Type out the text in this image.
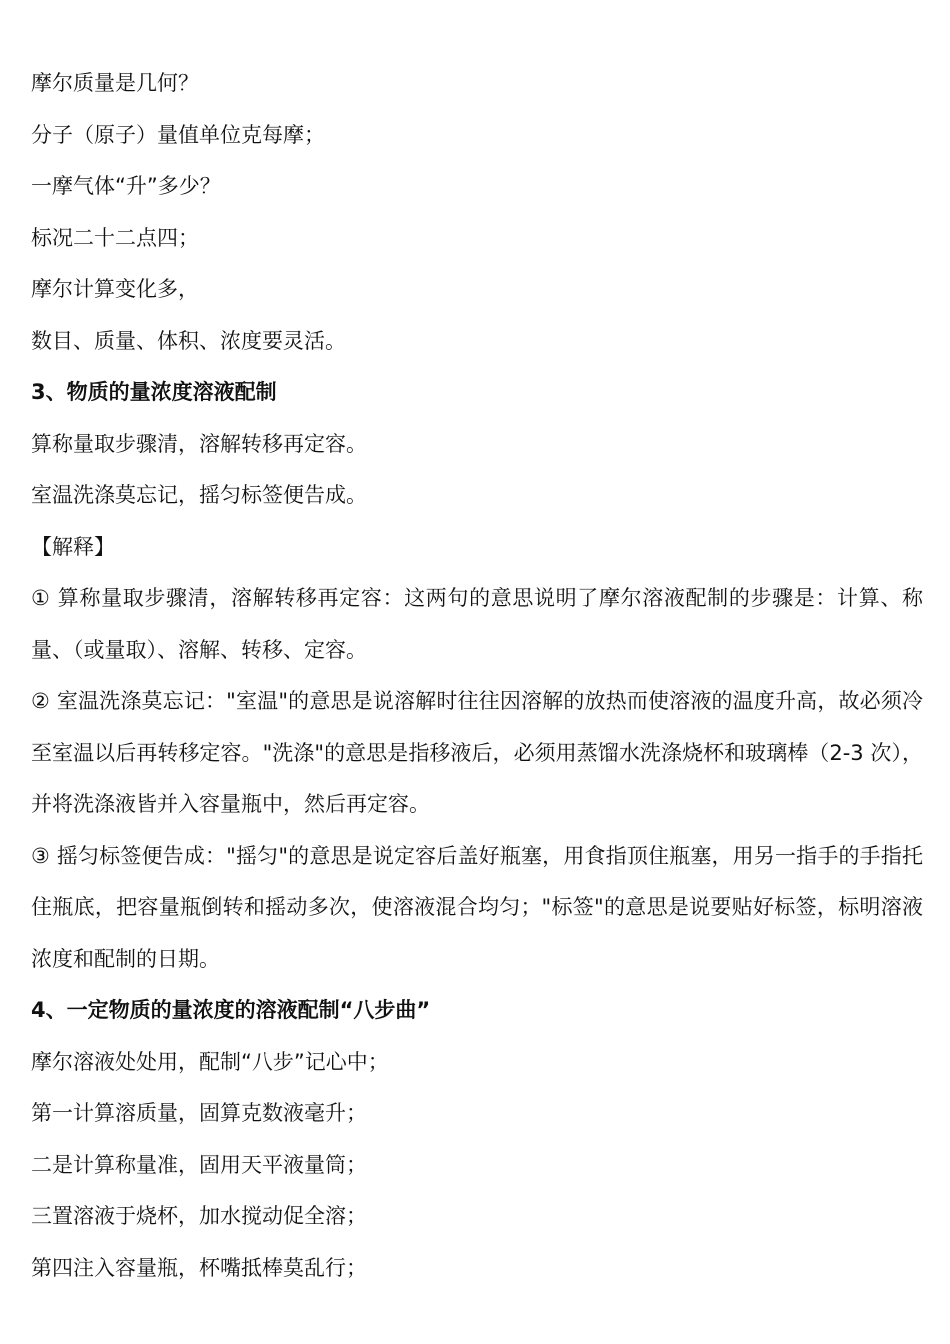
摩尔质量是几何？

分子（原子）量值单位克每摩；

一摩气体“升”多少？

标况二十二点四；

摩尔计算变化多，

数目、质量、体积、浓度要灵活。

3、物质的量浓度溶液配制

算称量取步骤清，溶解转移再定容。

室温洗涤莫忘记，摇匀标签便告成。

【解释】

① 算称量取步骤清，溶解转移再定容：这两句的意思说明了摩尔溶液配制的步骤是：计算、称量、（或量取）、溶解、转移、定容。

② 室温洗涤莫忘记："室温"的意思是说溶解时往往因溶解的放热而使溶液的温度升高，故必须冷至室温以后再转移定容。"洗涤"的意思是指移液后，必须用蒸馏水洗涤烧杯和玻璃棒（2-3 次），并将洗涤液皆并入容量瓶中，然后再定容。

③ 摇匀标签便告成："摇匀"的意思是说定容后盖好瓶塞，用食指顶住瓶塞，用另一指手的手指托住瓶底，把容量瓶倒转和摇动多次，使溶液混合均匀；"标签"的意思是说要贴好标签，标明溶液浓度和配制的日期。

4、一定物质的量浓度的溶液配制“八步曲”

摩尔溶液处处用，配制“八步”记心中；

第一计算溶质量，固算克数液毫升；

二是计算称量准，固用天平液量筒；

三置溶液于烧杯，加水搅动促全溶；

第四注入容量瓶，杯嘴抵棒莫乱行；
